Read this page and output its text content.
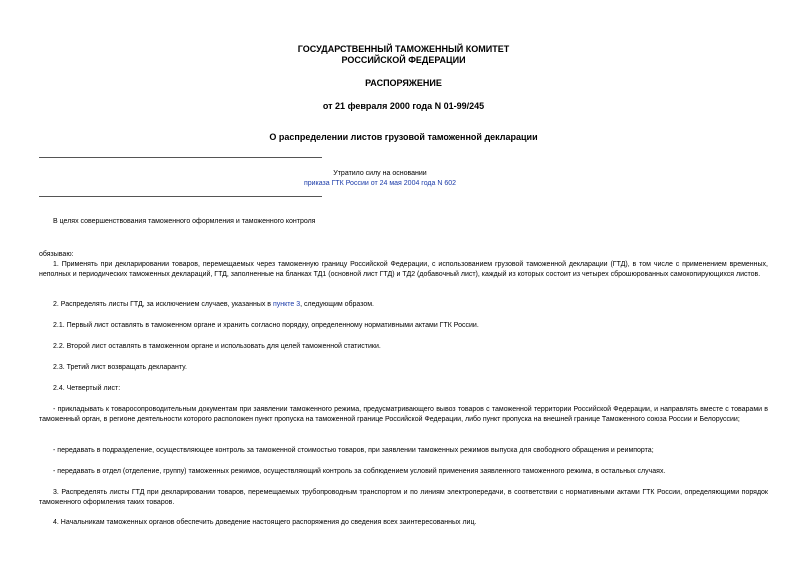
ГОСУДАРСТВЕННЫЙ ТАМОЖЕННЫЙ КОМИТЕТ
РОССИЙСКОЙ ФЕДЕРАЦИИ
РАСПОРЯЖЕНИЕ
от 21 февраля 2000 года N 01-99/245
О распределении листов грузовой таможенной декларации
Утратило силу на основании
приказа ГТК России от 24 мая 2004 года N 602
В целях совершенствования таможенного оформления и таможенного контроля
обязываю:
1. Применять при декларировании товаров, перемещаемых через таможенную границу Российской Федерации, с использованием грузовой таможенной декларации (ГТД), в том числе с применением временных, неполных и периодических таможенных деклараций, ГТД, заполненные на бланках ТД1 (основной лист ГТД) и ТД2 (добавочный лист), каждый из которых состоит из четырех сброшюрованных самокопирующихся листов.
2. Распределять листы ГТД, за исключением случаев, указанных в пункте 3, следующим образом.
2.1. Первый лист оставлять в таможенном органе и хранить согласно порядку, определенному нормативными актами ГТК России.
2.2. Второй лист оставлять в таможенном органе и использовать для целей таможенной статистики.
2.3. Третий лист возвращать декларанту.
2.4. Четвертый лист:
- прикладывать к товаросопроводительным документам при заявлении таможенного режима, предусматривающего вывоз товаров с таможенной территории Российской Федерации, и направлять вместе с товарами в таможенный орган, в регионе деятельности которого расположен пункт пропуска на таможенной границе Российской Федерации, либо пункт пропуска на внешней границе Таможенного союза России и Белоруссии;
- передавать в подразделение, осуществляющее контроль за таможенной стоимостью товаров, при заявлении таможенных режимов выпуска для свободного обращения и реимпорта;
- передавать в отдел (отделение, группу) таможенных режимов, осуществляющий контроль за соблюдением условий применения заявленного таможенного режима, в остальных случаях.
3. Распределять листы ГТД при декларировании товаров, перемещаемых трубопроводным транспортом и по линиям электропередачи, в соответствии с нормативными актами ГТК России, определяющими порядок таможенного оформления таких товаров.
4. Начальникам таможенных органов обеспечить доведение настоящего распоряжения до сведения всех заинтересованных лиц.
